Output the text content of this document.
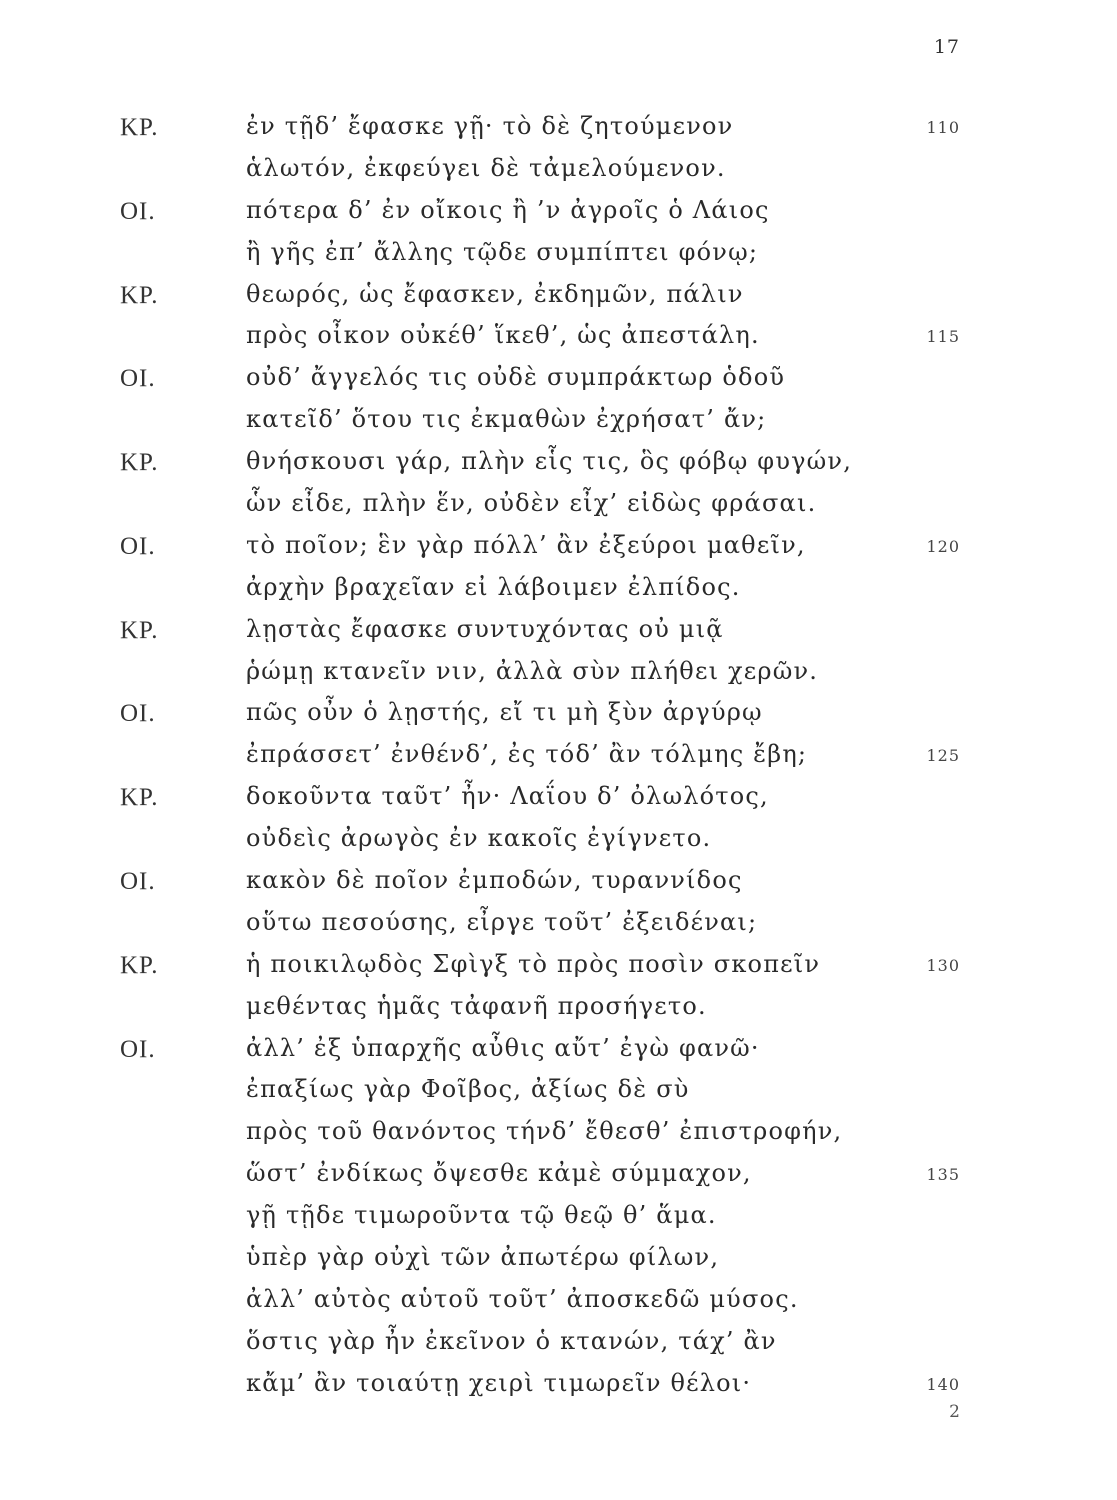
17
ΚΡ.	ἐν τῇδ’ ἔφασκε γῇ· τὸ δὲ ζητούμενον	110
ἁλωτόν, ἐκφεύγει δὲ τἀμελούμενον.
ΟΙ.	πότερα δ’ ἐν οἴκοις ἢ ’ν ἀγροῖς ὁ Λάιος
ἢ γῆς ἐπ’ ἄλλης τῷδε συμπίπτει φόνῳ;
ΚΡ.	θεωρός, ὡς ἔφασκεν, ἐκδημῶν, πάλιν
πρὸς οἶκον οὐκέθ’ ἵκεθ’, ὡς ἀπεστάλη.	115
ΟΙ.	οὐδ’ ἄγγελός τις οὐδὲ συμπράκτωρ ὁδοῦ
κατεῖδ’ ὅτου τις ἐκμαθὼν ἐχρήσατ’ ἄν;
ΚΡ.	θνήσκουσι γάρ, πλὴν εἷς τις, ὃς φόβῳ φυγών,
ὧν εἶδε, πλὴν ἕν, οὐδὲν εἶχ’ εἰδὼς φράσαι.
ΟΙ.	τὸ ποῖον; ἓν γὰρ πόλλ’ ἂν ἐξεύροι μαθεῖν,	120
ἀρχὴν βραχεῖαν εἰ λάβοιμεν ἐλπίδος.
ΚΡ.	λῃστὰς ἔφασκε συντυχόντας οὐ μιᾷ
ῥώμῃ κτανεῖν νιν, ἀλλὰ σὺν πλήθει χερῶν.
ΟΙ.	πῶς οὖν ὁ λῃστής, εἴ τι μὴ ξὺν ἀργύρῳ
ἐπράσσετ’ ἐνθένδ’, ἐς τόδ’ ἂν τόλμης ἔβη;	125
ΚΡ.	δοκοῦντα ταῦτ’ ἦν· Λαΐου δ’ ὀλωλότος,
οὐδεὶς ἀρωγὸς ἐν κακοῖς ἐγίγνετο.
ΟΙ.	κακὸν δὲ ποῖον ἐμποδών, τυραννίδος
οὕτω πεσούσης, εἶργε τοῦτ’ ἐξειδέναι;
ΚΡ.	ἡ ποικιλῳδὸς Σφὶγξ τὸ πρὸς ποσὶν σκοπεῖν	130
μεθέντας ἡμᾶς τἀφανῆ προσήγετο.
ΟΙ.	ἀλλ’ ἐξ ὑπαρχῆς αὖθις αὔτ’ ἐγὼ φανῶ·
ἐπαξίως γὰρ Φοῖβος, ἀξίως δὲ σὺ
πρὸς τοῦ θανόντος τήνδ’ ἔθεσθ’ ἐπιστροφήν,
ὥστ’ ἐνδίκως ὄψεσθε κἀμὲ σύμμαχον,	135
γῇ τῇδε τιμωροῦντα τῷ θεῷ θ’ ἅμα.
ὑπὲρ γὰρ οὐχὶ τῶν ἀπωτέρω φίλων,
ἀλλ’ αὐτὸς αὑτοῦ τοῦτ’ ἀποσκεδῶ μύσος.
ὅστις γὰρ ἦν ἐκεῖνον ὁ κτανών, τάχ’ ἂν
κἄμ’ ἂν τοιαύτῃ χειρὶ τιμωρεῖν θέλοι·	140
2
